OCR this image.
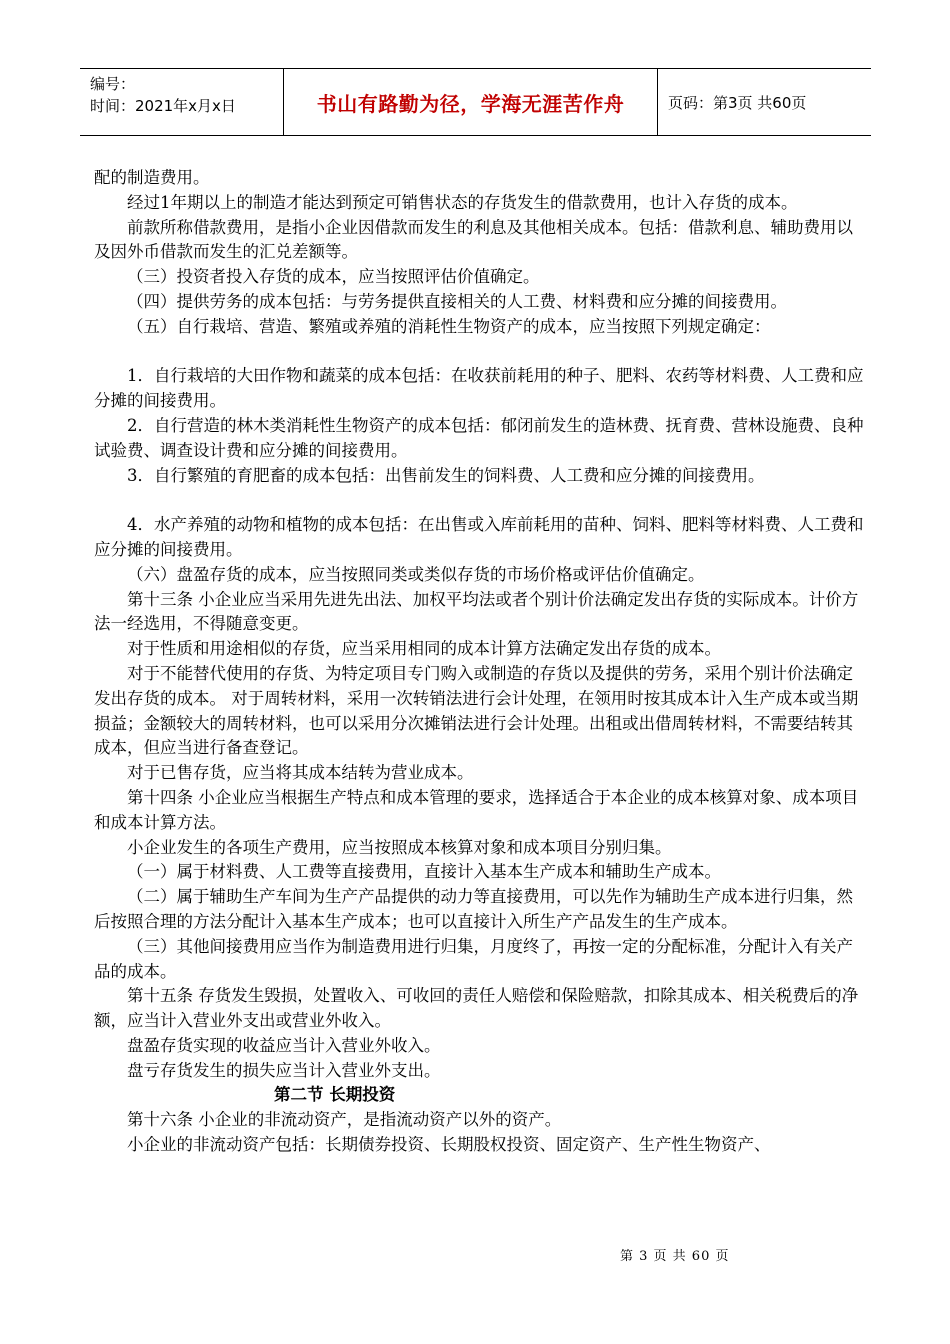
编号：
时间：2021年x月x日	书山有路勤为径，学海无涯苦作舟	页码：第3页 共60页

配的制造费用。

经过1年期以上的制造才能达到预定可销售状态的存货发生的借款费用，也计入存货的成本。

前款所称借款费用，是指小企业因借款而发生的利息及其他相关成本。包括：借款利息、辅助费用以及因外币借款而发生的汇兑差额等。

（三）投资者投入存货的成本，应当按照评估价值确定。

（四）提供劳务的成本包括：与劳务提供直接相关的人工费、材料费和应分摊的间接费用。

（五）自行栽培、营造、繁殖或养殖的消耗性生物资产的成本，应当按照下列规定确定：

1．自行栽培的大田作物和蔬菜的成本包括：在收获前耗用的种子、肥料、农药等材料费、人工费和应分摊的间接费用。

2．自行营造的林木类消耗性生物资产的成本包括：郁闭前发生的造林费、抚育费、营林设施费、良种试验费、调查设计费和应分摊的间接费用。

3．自行繁殖的育肥畜的成本包括：出售前发生的饲料费、人工费和应分摊的间接费用。

4．水产养殖的动物和植物的成本包括：在出售或入库前耗用的苗种、饲料、肥料等材料费、人工费和应分摊的间接费用。

（六）盘盈存货的成本，应当按照同类或类似存货的市场价格或评估价值确定。

第十三条 小企业应当采用先进先出法、加权平均法或者个别计价法确定发出存货的实际成本。计价方法一经选用，不得随意变更。

对于性质和用途相似的存货，应当采用相同的成本计算方法确定发出存货的成本。

对于不能替代使用的存货、为特定项目专门购入或制造的存货以及提供的劳务，采用个别计价法确定发出存货的成本。 对于周转材料，采用一次转销法进行会计处理，在领用时按其成本计入生产成本或当期损益；金额较大的周转材料，也可以采用分次摊销法进行会计处理。出租或出借周转材料，不需要结转其成本，但应当进行备查登记。

对于已售存货，应当将其成本结转为营业成本。

第十四条 小企业应当根据生产特点和成本管理的要求，选择适合于本企业的成本核算对象、成本项目和成本计算方法。

小企业发生的各项生产费用，应当按照成本核算对象和成本项目分别归集。

（一）属于材料费、人工费等直接费用，直接计入基本生产成本和辅助生产成本。

（二）属于辅助生产车间为生产产品提供的动力等直接费用，可以先作为辅助生产成本进行归集，然后按照合理的方法分配计入基本生产成本；也可以直接计入所生产产品发生的生产成本。

（三）其他间接费用应当作为制造费用进行归集，月度终了，再按一定的分配标准，分配计入有关产品的成本。

第十五条 存货发生毁损，处置收入、可收回的责任人赔偿和保险赔款，扣除其成本、相关税费后的净额，应当计入营业外支出或营业外收入。

盘盈存货实现的收益应当计入营业外收入。

盘亏存货发生的损失应当计入营业外支出。

第二节 长期投资

第十六条 小企业的非流动资产，是指流动资产以外的资产。

小企业的非流动资产包括：长期债券投资、长期股权投资、固定资产、生产性生物资产、

第 3 页 共 60 页
